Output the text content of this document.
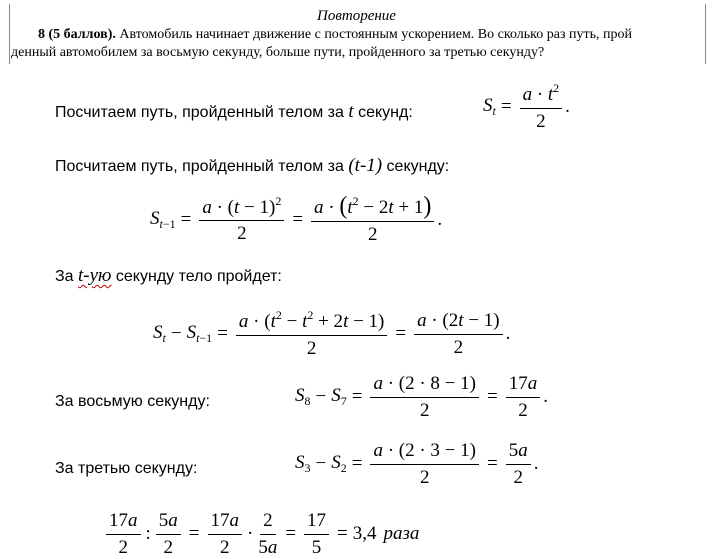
Повторение
8 (5 баллов). Автомобиль начинает движение с постоянным ускорением. Во сколько раз путь, прой
денный автомобилем за восьмую секунду, больше пути, пройденного за третью секунду?
Посчитаем путь, пройденный телом за t секунд:	$S_t = \frac{a \cdot t^2}{2}$ .
Посчитаем путь, пройденный телом за (t-1) секунду:
$S_{t-1} = \frac{a \cdot (t - 1)^2}{2} = \frac{a \cdot (t^2 - 2t + 1)}{2}$ .
За t-ую секунду тело пройдет:
$S_t - S_{t-1} = \frac{a \cdot (t^2 - t^2 + 2t - 1)}{2} = \frac{a \cdot (2t - 1)}{2}$ .
За восьмую секунду:	$S_8 - S_7 = \frac{a \cdot (2 \cdot 8 - 1)}{2} = \frac{17a}{2}$ .
За третью секунду:	$S_3 - S_2 = \frac{a \cdot (2 \cdot 3 - 1)}{2} = \frac{5a}{2}$ .
$\frac{17a}{2}$ : $\frac{5a}{2} = \frac{17a}{2} \cdot \frac{2}{5a} = \frac{17}{5} = 3,4$ раза
